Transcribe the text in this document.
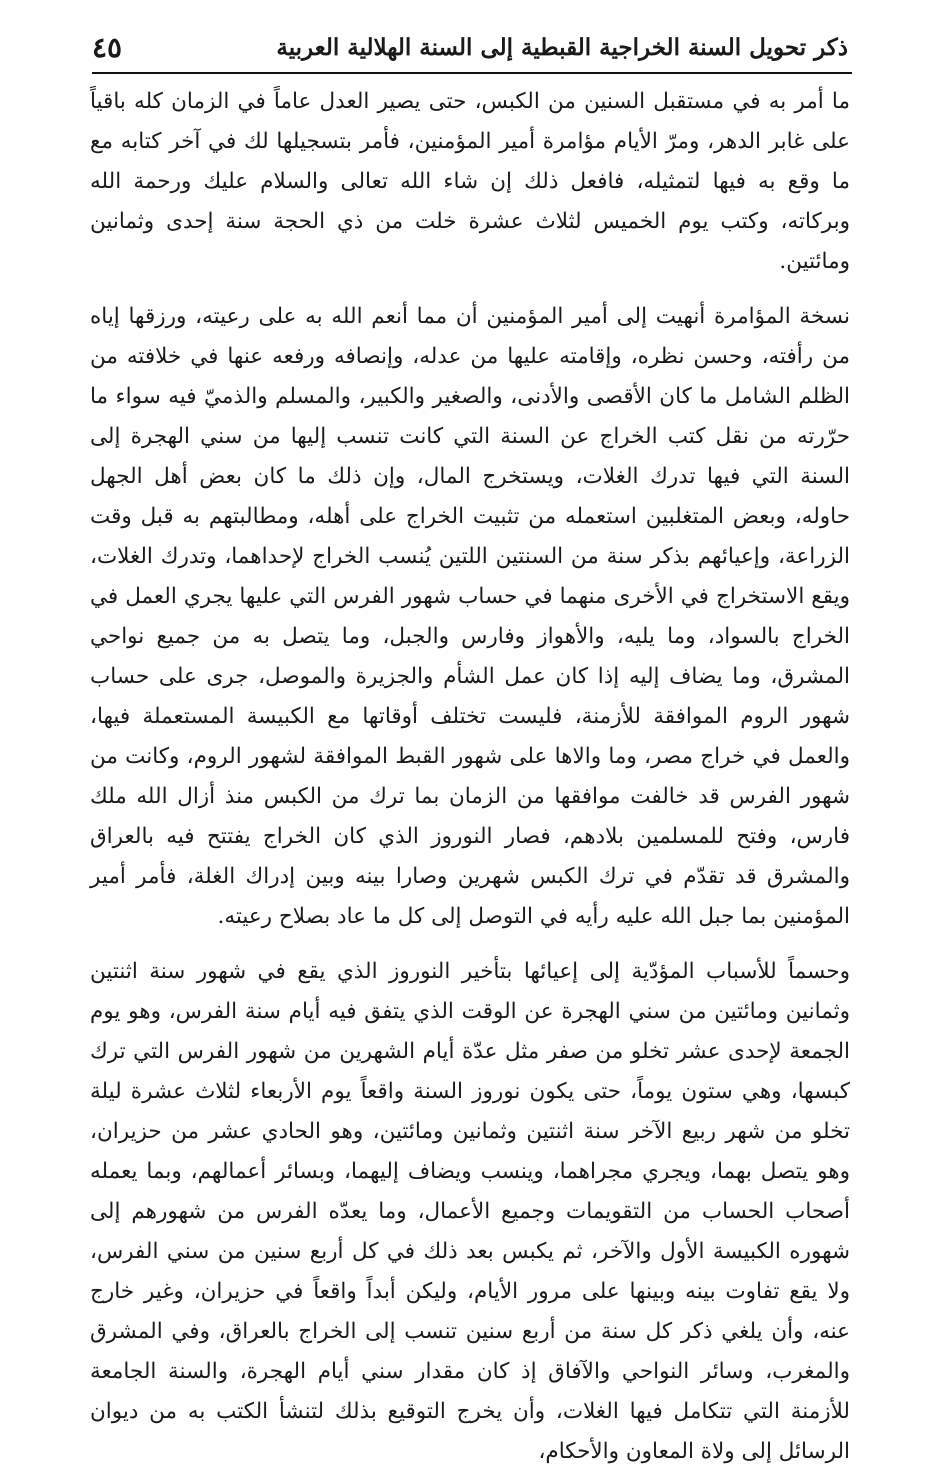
ذكر تحويل السنة الخراجية القبطية إلى السنة الهلالية العربية
٤٥

ما أمر به في مستقبل السنين من الكبس، حتى يصير العدل عاماً في الزمان كله باقياً على غابر الدهر، ومرّ الأيام مؤامرة أمير المؤمنين، فأمر بتسجيلها لك في آخر كتابه مع ما وقع به فيها لتمثيله، فافعل ذلك إن شاء الله تعالى والسلام عليك ورحمة الله وبركاته، وكتب يوم الخميس لثلاث عشرة خلت من ذي الحجة سنة إحدى وثمانين ومائتين.

نسخة المؤامرة أنهيت إلى أمير المؤمنين أن مما أنعم الله به على رعيته، ورزقها إياه من رأفته، وحسن نظره، وإقامته عليها من عدله، وإنصافه ورفعه عنها في خلافته من الظلم الشامل ما كان الأقصى والأدنى، والصغير والكبير، والمسلم والذميّ فيه سواء ما حرّرته من نقل كتب الخراج عن السنة التي كانت تنسب إليها من سني الهجرة إلى السنة التي فيها تدرك الغلات، ويستخرج المال، وإن ذلك ما كان بعض أهل الجهل حاوله، وبعض المتغلبين استعمله من تثبيت الخراج على أهله، ومطالبتهم به قبل وقت الزراعة، وإعيائهم بذكر سنة من السنتين اللتين يُنسب الخراج لإحداهما، وتدرك الغلات، ويقع الاستخراج في الأخرى منهما في حساب شهور الفرس التي عليها يجري العمل في الخراج بالسواد، وما يليه، والأهواز وفارس والجبل، وما يتصل به من جميع نواحي المشرق، وما يضاف إليه إذا كان عمل الشأم والجزيرة والموصل، جرى على حساب شهور الروم الموافقة للأزمنة، فليست تختلف أوقاتها مع الكبيسة المستعملة فيها، والعمل في خراج مصر، وما والاها على شهور القبط الموافقة لشهور الروم، وكانت من شهور الفرس قد خالفت موافقها من الزمان بما ترك من الكبس منذ أزال الله ملك فارس، وفتح للمسلمين بلادهم، فصار النوروز الذي كان الخراج يفتتح فيه بالعراق والمشرق قد تقدّم في ترك الكبس شهرين وصارا بينه وبين إدراك الغلة، فأمر أمير المؤمنين بما جبل الله عليه رأيه في التوصل إلى كل ما عاد بصلاح رعيته.

وحسماً للأسباب المؤدّية إلى إعيائها بتأخير النوروز الذي يقع في شهور سنة اثنتين وثمانين ومائتين من سني الهجرة عن الوقت الذي يتفق فيه أيام سنة الفرس، وهو يوم الجمعة لإحدى عشر تخلو من صفر مثل عدّة أيام الشهرين من شهور الفرس التي ترك كبسها، وهي ستون يوماً، حتى يكون نوروز السنة واقعاً يوم الأربعاء لثلاث عشرة ليلة تخلو من شهر ربيع الآخر سنة اثنتين وثمانين ومائتين، وهو الحادي عشر من حزيران، وهو يتصل بهما، ويجري مجراهما، وينسب ويضاف إليهما، وبسائر أعمالهم، وبما يعمله أصحاب الحساب من التقويمات وجميع الأعمال، وما يعدّه الفرس من شهورهم إلى شهوره الكبيسة الأول والآخر، ثم يكبس بعد ذلك في كل أربع سنين من سني الفرس، ولا يقع تفاوت بينه وبينها على مرور الأيام، وليكن أبداً واقعاً في حزيران، وغير خارج عنه، وأن يلغي ذكر كل سنة من أربع سنين تنسب إلى الخراج بالعراق، وفي المشرق والمغرب، وسائر النواحي والآفاق إذ كان مقدار سني أيام الهجرة، والسنة الجامعة للأزمنة التي تتكامل فيها الغلات، وأن يخرج التوقيع بذلك لتنشأ الكتب به من ديوان الرسائل إلى ولاة المعاون والأحكام،
